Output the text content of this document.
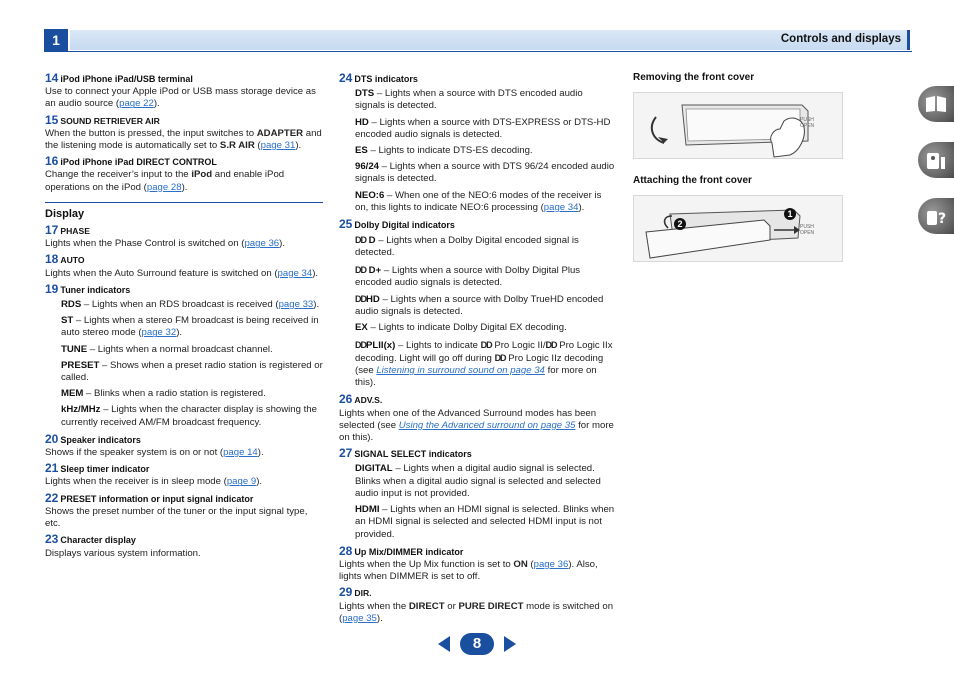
1	Controls and displays
14 iPod iPhone iPad/USB terminal

Use to connect your Apple iPod or USB mass storage device as an audio source (page 22).

15 SOUND RETRIEVER AIR

When the button is pressed, the input switches to ADAPTER and the listening mode is automatically set to S.R AIR (page 31).

16 iPod iPhone iPad DIRECT CONTROL

Change the receiver’s input to the iPod and enable iPod operations on the iPod (page 28).

Display
17 PHASE

Lights when the Phase Control is switched on (page 36).

18 AUTO

Lights when the Auto Surround feature is switched on (page 34).

19 Tuner indicators

RDS – Lights when an RDS broadcast is received (page 33).

ST – Lights when a stereo FM broadcast is being received in auto stereo mode (page 32).

TUNE – Lights when a normal broadcast channel.

PRESET – Shows when a preset radio station is registered or called.

MEM – Blinks when a radio station is registered.

kHz/MHz – Lights when the character display is showing the currently received AM/FM broadcast frequency.

20 Speaker indicators

Shows if the speaker system is on or not (page 14).

21 Sleep timer indicator

Lights when the receiver is in sleep mode (page 9).

22 PRESET information or input signal indicator

Shows the preset number of the tuner or the input signal type, etc.

23 Character display

Displays various system information.

24 DTS indicators

DTS – Lights when a source with DTS encoded audio signals is detected.

HD – Lights when a source with DTS-EXPRESS or DTS-HD encoded audio signals is detected.

ES – Lights to indicate DTS-ES decoding.

96/24 – Lights when a source with DTS 96/24 encoded audio signals is detected.

NEO:6 – When one of the NEO:6 modes of the receiver is on, this lights to indicate NEO:6 processing (page 34).

25 Dolby Digital indicators

DD D – Lights when a Dolby Digital encoded signal is detected.

DD D+ – Lights when a source with Dolby Digital Plus encoded audio signals is detected.

DDHD – Lights when a source with Dolby TrueHD encoded audio signals is detected.

EX – Lights to indicate Dolby Digital EX decoding.

DDPLII(x) – Lights to indicate DD Pro Logic II/DD Pro Logic IIx decoding. Light will go off during DD Pro Logic IIz decoding (see Listening in surround sound on page 34 for more on this).

26 ADV.S.

Lights when one of the Advanced Surround modes has been selected (see Using the Advanced surround on page 35 for more on this).

27 SIGNAL SELECT indicators

DIGITAL – Lights when a digital audio signal is selected. Blinks when a digital audio signal is selected and selected audio input is not provided.

HDMI – Lights when an HDMI signal is selected. Blinks when an HDMI signal is selected and selected HDMI input is not provided.

28 Up Mix/DIMMER indicator

Lights when the Up Mix function is set to ON (page 36). Also, lights when DIMMER is set to off.

29 DIR.

Lights when the DIRECT or PURE DIRECT mode is switched on (page 35).

Removing the front cover

PUSH OPEN

Attaching the front cover

2
1
PUSH OPEN
?
8
